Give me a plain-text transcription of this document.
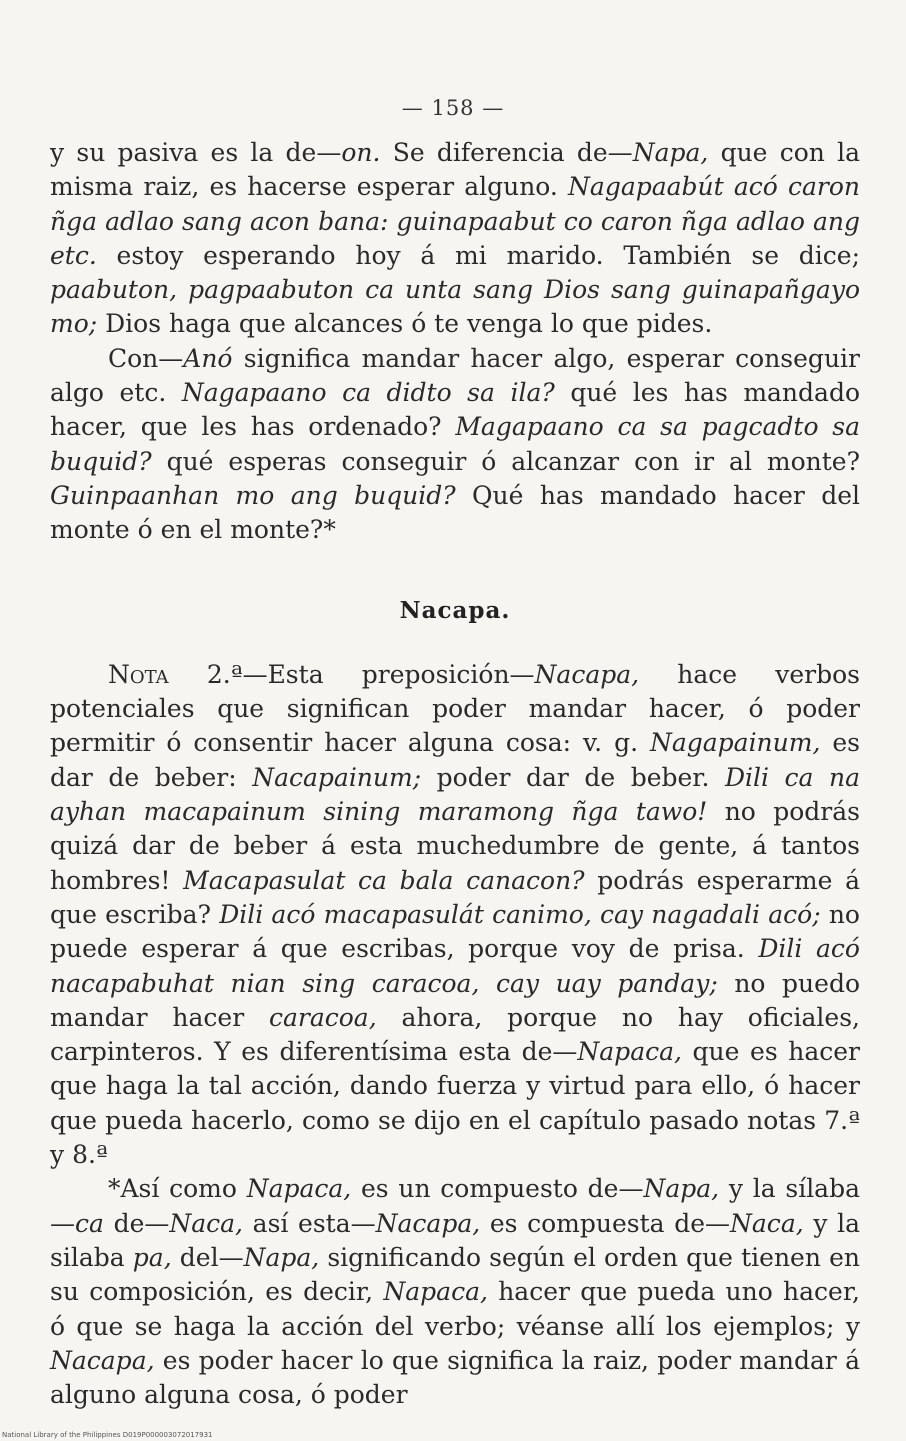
— 158 —

y su pasiva es la de—on. Se diferencia de—Napa, que con la misma raiz, es hacerse esperar alguno. Nagapaabút acó caron ñga adlao sang acon bana: guinapaabut co caron ñga adlao ang etc. estoy esperando hoy á mi marido. También se dice; paabuton, pagpaabuton ca unta sang Dios sang guinapañgayo mo; Dios haga que alcances ó te venga lo que pides.

Con—Anó significa mandar hacer algo, esperar conseguir algo etc. Nagapaano ca didto sa ila? qué les has mandado hacer, que les has ordenado? Magapaano ca sa pagcadto sa buquid? qué esperas conseguir ó alcanzar con ir al monte? Guinpaanhan mo ang buquid? Qué has mandado hacer del monte ó en el monte?*

Nacapa.

Nota 2.ª—Esta preposición—Nacapa, hace verbos potenciales que significan poder mandar hacer, ó poder permitir ó consentir hacer alguna cosa: v. g. Nagapainum, es dar de beber: Nacapainum; poder dar de beber. Dili ca na ayhan macapainum sining maramong ñga tawo! no podrás quizá dar de beber á esta muchedumbre de gente, á tantos hombres! Macapasulat ca bala canacon? podrás esperarme á que escriba? Dili acó macapasulát canimo, cay nagadali acó; no puede esperar á que escribas, porque voy de prisa. Dili acó nacapabuhat nian sing caracoa, cay uay panday; no puedo mandar hacer caracoa, ahora, porque no hay oficiales, carpinteros. Y es diferentísima esta de—Napaca, que es hacer que haga la tal acción, dando fuerza y virtud para ello, ó hacer que pueda hacerlo, como se dijo en el capítulo pasado notas 7.ª y 8.ª

*Así como Napaca, es un compuesto de—Napa, y la sílaba—ca de—Naca, así esta—Nacapa, es compuesta de—Naca, y la silaba pa, del—Napa, significando según el orden que tienen en su composición, es decir, Napaca, hacer que pueda uno hacer, ó que se haga la acción del verbo; véanse allí los ejemplos; y Nacapa, es poder hacer lo que significa la raiz, poder mandar á alguno alguna cosa, ó poder

National Library of the Philippines D019P000003072017931
